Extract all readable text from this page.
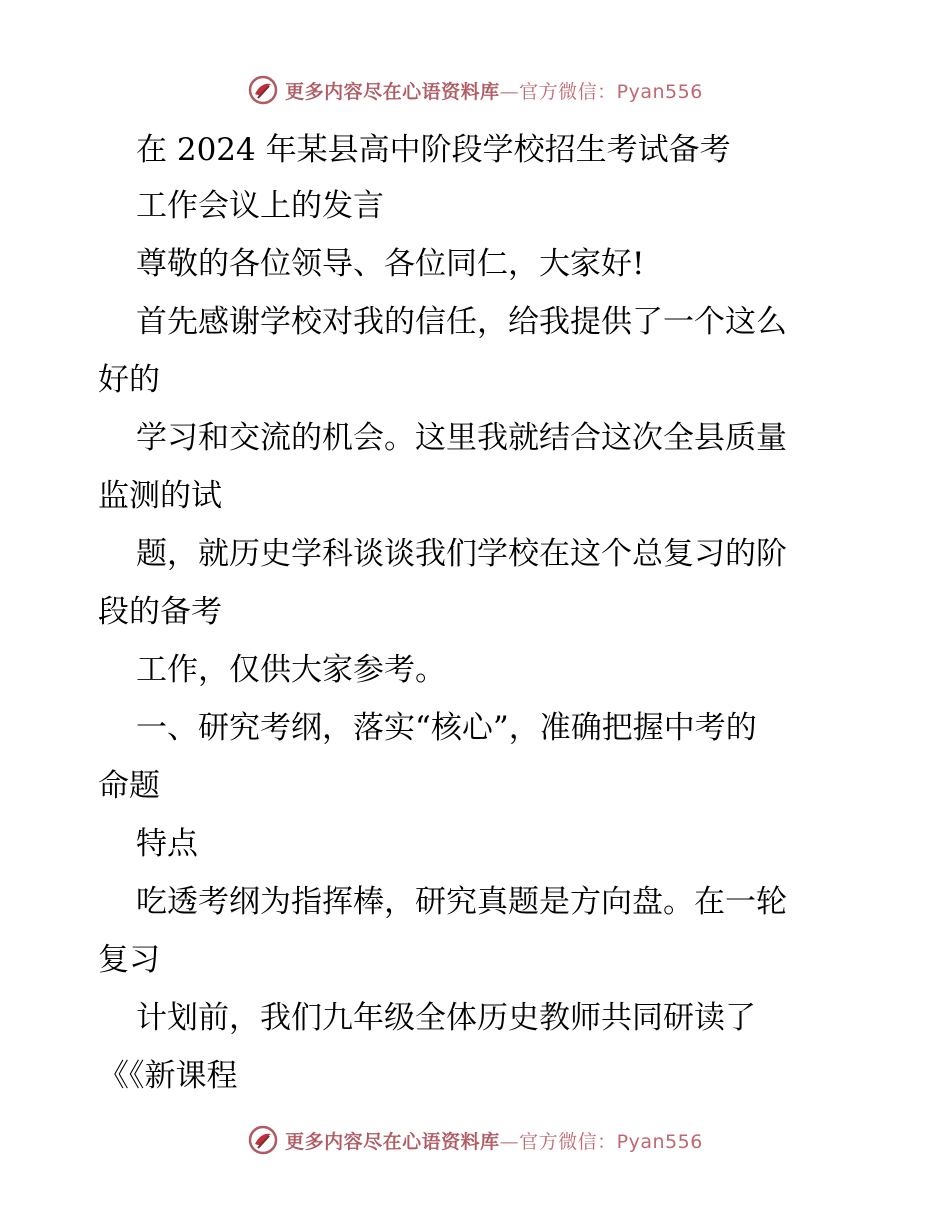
更多内容尽在心语资料库—官方微信：Pyan556
在 2024 年某县高中阶段学校招生考试备考
工作会议上的发言
尊敬的各位领导、各位同仁，大家好!
首先感谢学校对我的信任，给我提供了一个这么
好的
学习和交流的机会。这里我就结合这次全县质量
监测的试
题，就历史学科谈谈我们学校在这个总复习的阶
段的备考
工作，仅供大家参考。
一、研究考纲，落实“核心”，准确把握中考的
命题
特点
吃透考纲为指挥棒，研究真题是方向盘。在一轮
复习
计划前，我们九年级全体历史教师共同研读了
《《新课程
更多内容尽在心语资料库—官方微信：Pyan556
